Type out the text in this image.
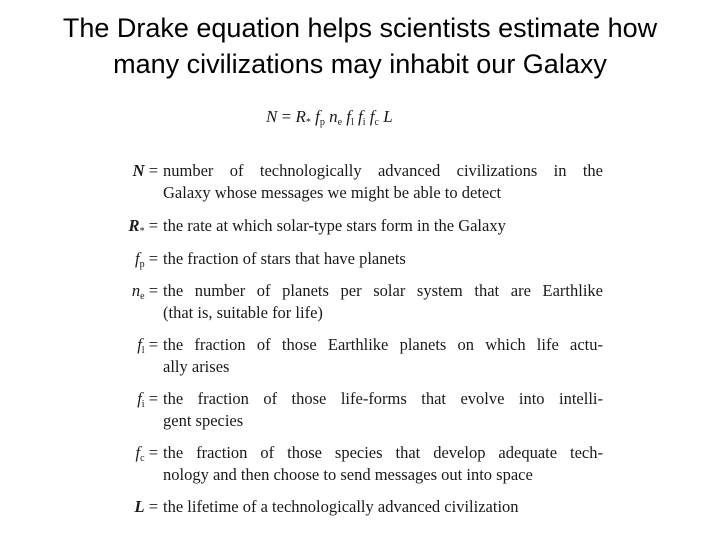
The Drake equation helps scientists estimate how
many civilizations may inhabit our Galaxy
$N = R_*$ $f_p$ $n_e$ $f_l$ $f_i$ $f_c$ L
N = number of technologically advanced civilizations in the
Galaxy whose messages we might be able to detect
$R_*$ = the rate at which solar-type stars form in the Galaxy
$f_p$ = the fraction of stars that have planets
$n_e$ = the number of planets per solar system that are Earthlike
(that is, suitable for life)
$f_l$ = the fraction of those Earthlike planets on which life actu-
ally arises
$f_i$ = the fraction of those life-forms that evolve into intelli-
gent species
$f_c$ = the fraction of those species that develop adequate tech-
nology and then choose to send messages out into space
L = the lifetime of a technologically advanced civilization
